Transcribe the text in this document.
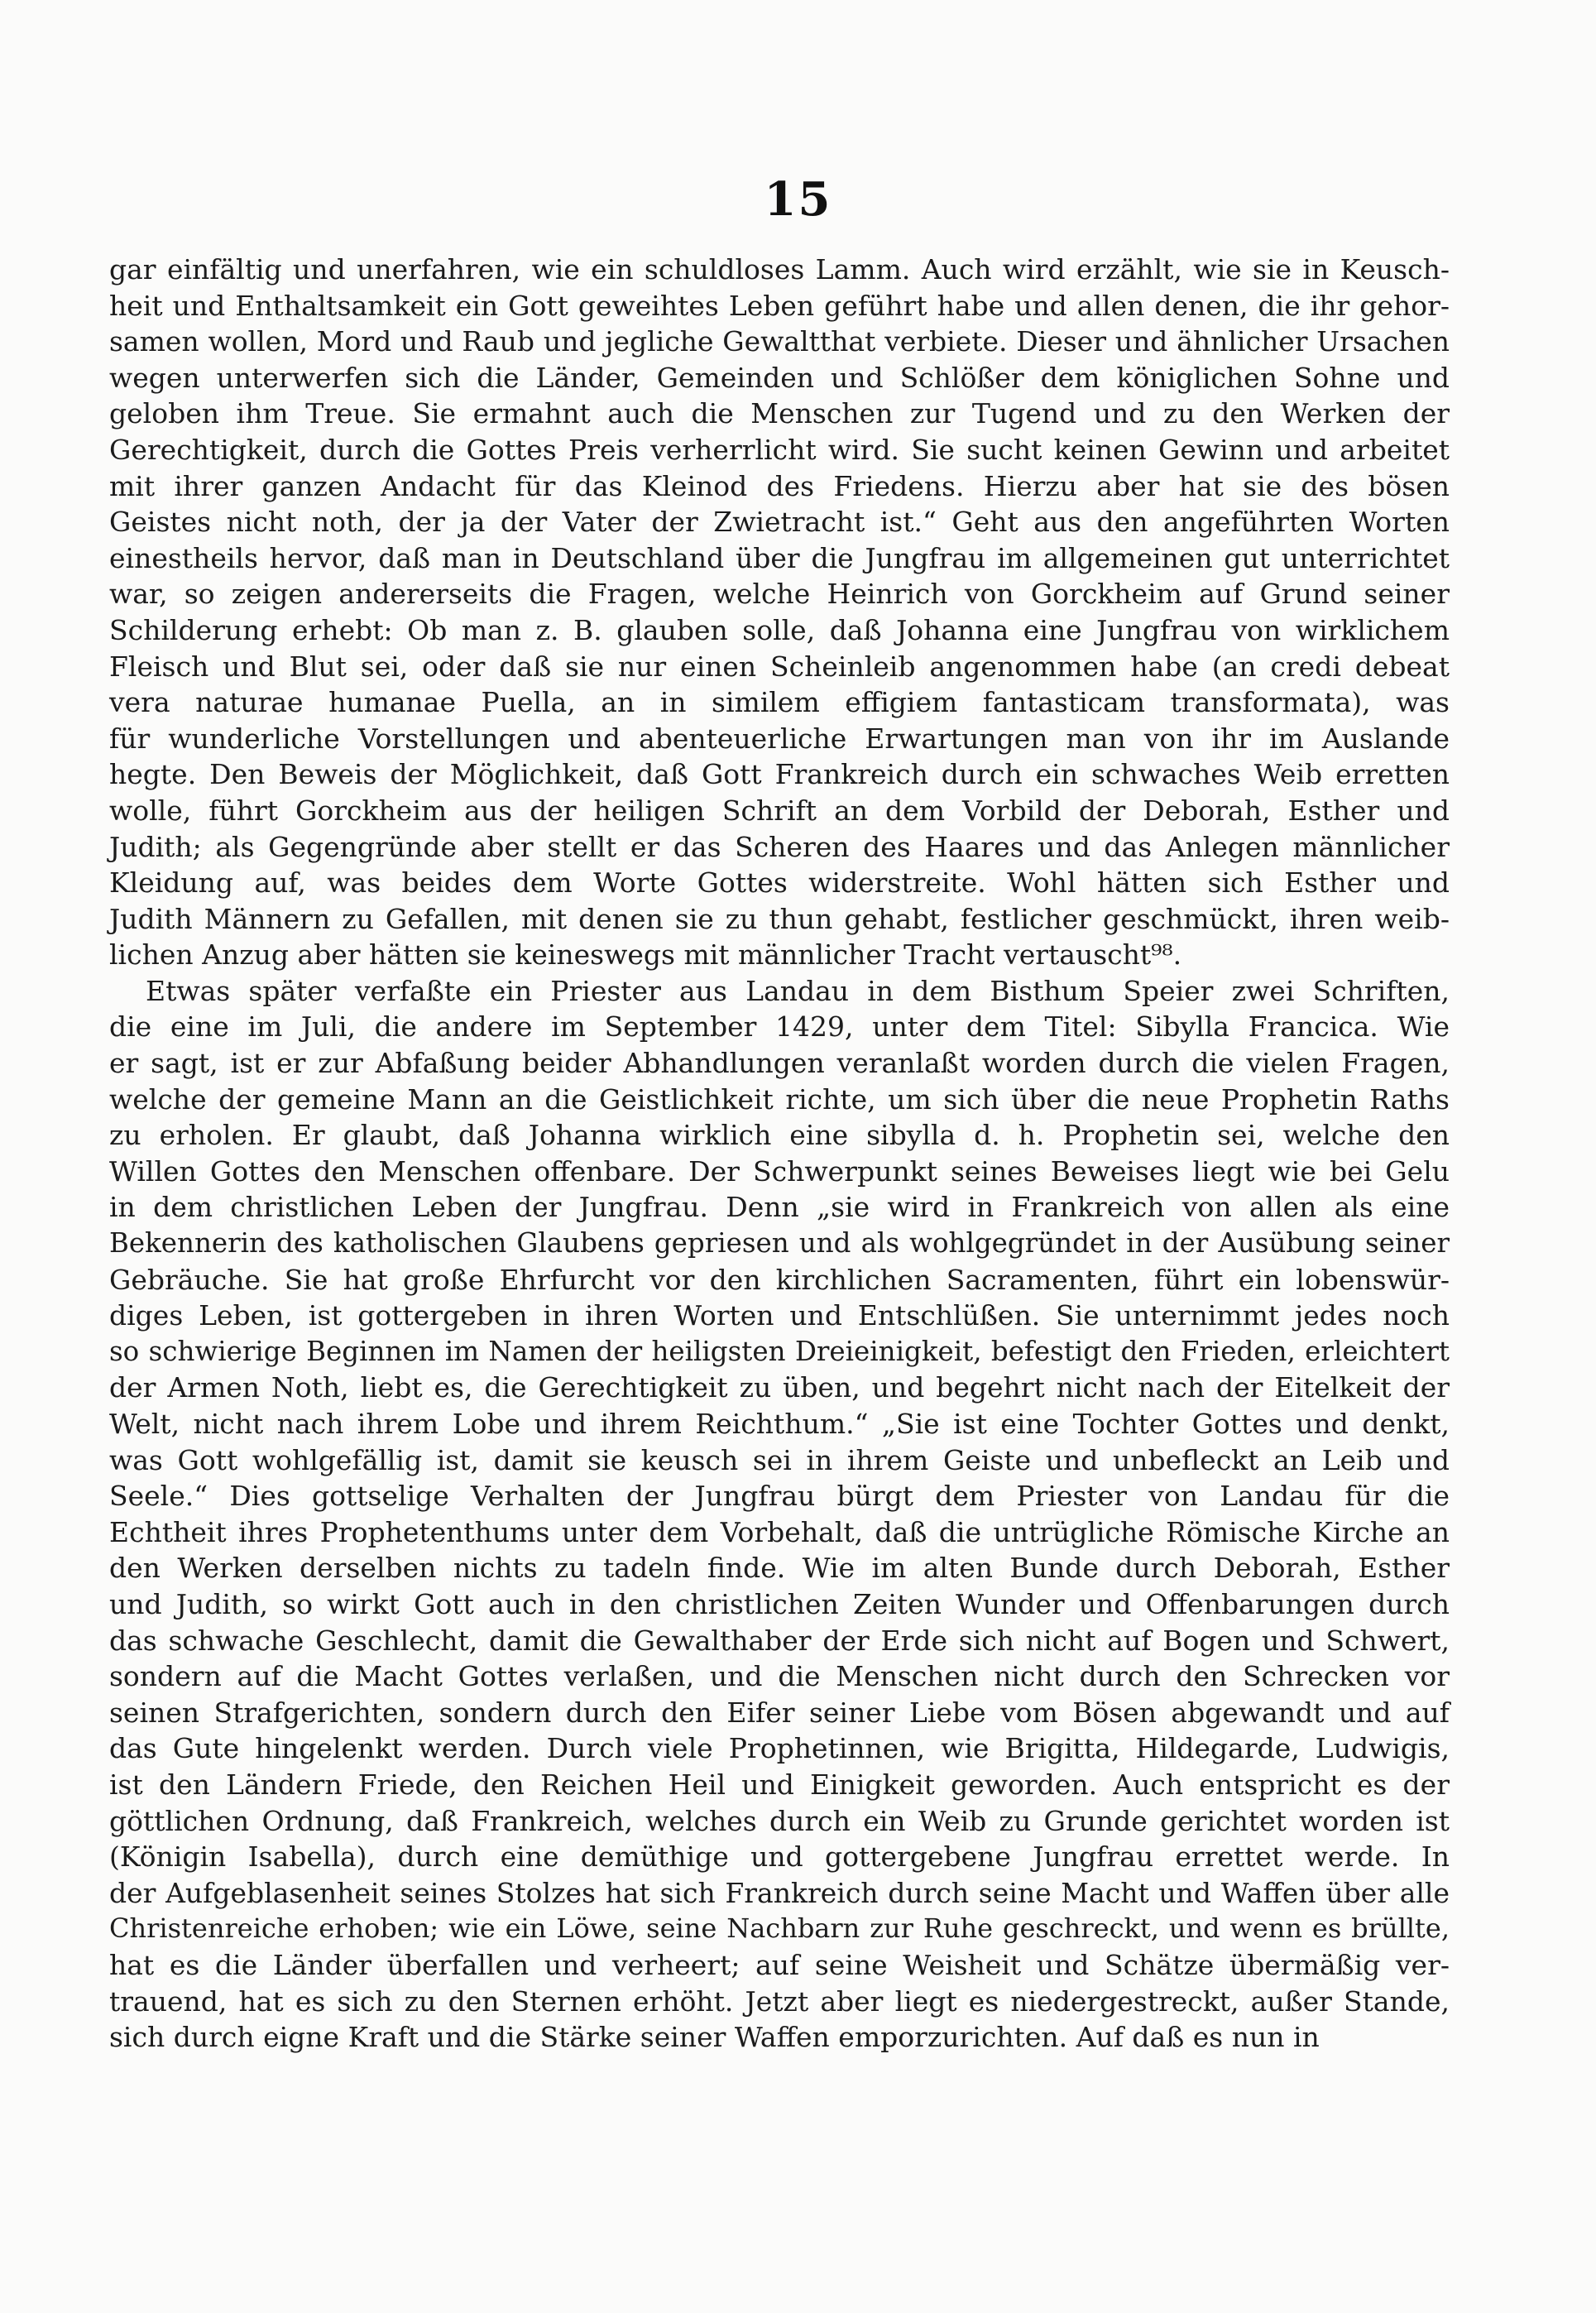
15
gar einfältig und unerfahren, wie ein schuldloses Lamm. Auch wird erzählt, wie sie in Keusch-
heit und Enthaltsamkeit ein Gott geweihtes Leben geführt habe und allen denen, die ihr gehor-
samen wollen, Mord und Raub und jegliche Gewaltthat verbiete. Dieser und ähnlicher Ursachen
wegen unterwerfen sich die Länder, Gemeinden und Schlößer dem königlichen Sohne und
geloben ihm Treue. Sie ermahnt auch die Menschen zur Tugend und zu den Werken der
Gerechtigkeit, durch die Gottes Preis verherrlicht wird. Sie sucht keinen Gewinn und arbeitet
mit ihrer ganzen Andacht für das Kleinod des Friedens. Hierzu aber hat sie des bösen
Geistes nicht noth, der ja der Vater der Zwietracht ist.“ Geht aus den angeführten Worten
einestheils hervor, daß man in Deutschland über die Jungfrau im allgemeinen gut unterrichtet
war, so zeigen andererseits die Fragen, welche Heinrich von Gorckheim auf Grund seiner
Schilderung erhebt: Ob man z. B. glauben solle, daß Johanna eine Jungfrau von wirklichem
Fleisch und Blut sei, oder daß sie nur einen Scheinleib angenommen habe (an credi debeat
vera naturae humanae Puella, an in similem effigiem fantasticam transformata), was
für wunderliche Vorstellungen und abenteuerliche Erwartungen man von ihr im Auslande
hegte. Den Beweis der Möglichkeit, daß Gott Frankreich durch ein schwaches Weib erretten
wolle, führt Gorckheim aus der heiligen Schrift an dem Vorbild der Deborah, Esther und
Judith; als Gegengründe aber stellt er das Scheren des Haares und das Anlegen männlicher
Kleidung auf, was beides dem Worte Gottes widerstreite. Wohl hätten sich Esther und
Judith Männern zu Gefallen, mit denen sie zu thun gehabt, festlicher geschmückt, ihren weib-
lichen Anzug aber hätten sie keineswegs mit männlicher Tracht vertauscht⁹⁸.
Etwas später verfaßte ein Priester aus Landau in dem Bisthum Speier zwei Schriften,
die eine im Juli, die andere im September 1429, unter dem Titel: Sibylla Francica. Wie
er sagt, ist er zur Abfaßung beider Abhandlungen veranlaßt worden durch die vielen Fragen,
welche der gemeine Mann an die Geistlichkeit richte, um sich über die neue Prophetin Raths
zu erholen. Er glaubt, daß Johanna wirklich eine sibylla d. h. Prophetin sei, welche den
Willen Gottes den Menschen offenbare. Der Schwerpunkt seines Beweises liegt wie bei Gelu
in dem christlichen Leben der Jungfrau. Denn „sie wird in Frankreich von allen als eine
Bekennerin des katholischen Glaubens gepriesen und als wohlgegründet in der Ausübung seiner
Gebräuche. Sie hat große Ehrfurcht vor den kirchlichen Sacramenten, führt ein lobenswür-
diges Leben, ist gottergeben in ihren Worten und Entschlüßen. Sie unternimmt jedes noch
so schwierige Beginnen im Namen der heiligsten Dreieinigkeit, befestigt den Frieden, erleichtert
der Armen Noth, liebt es, die Gerechtigkeit zu üben, und begehrt nicht nach der Eitelkeit der
Welt, nicht nach ihrem Lobe und ihrem Reichthum.“ „Sie ist eine Tochter Gottes und denkt,
was Gott wohlgefällig ist, damit sie keusch sei in ihrem Geiste und unbefleckt an Leib und
Seele.“ Dies gottselige Verhalten der Jungfrau bürgt dem Priester von Landau für die
Echtheit ihres Prophetenthums unter dem Vorbehalt, daß die untrügliche Römische Kirche an
den Werken derselben nichts zu tadeln finde. Wie im alten Bunde durch Deborah, Esther
und Judith, so wirkt Gott auch in den christlichen Zeiten Wunder und Offenbarungen durch
das schwache Geschlecht, damit die Gewalthaber der Erde sich nicht auf Bogen und Schwert,
sondern auf die Macht Gottes verlaßen, und die Menschen nicht durch den Schrecken vor
seinen Strafgerichten, sondern durch den Eifer seiner Liebe vom Bösen abgewandt und auf
das Gute hingelenkt werden. Durch viele Prophetinnen, wie Brigitta, Hildegarde, Ludwigis,
ist den Ländern Friede, den Reichen Heil und Einigkeit geworden. Auch entspricht es der
göttlichen Ordnung, daß Frankreich, welches durch ein Weib zu Grunde gerichtet worden ist
(Königin Isabella), durch eine demüthige und gottergebene Jungfrau errettet werde. In
der Aufgeblasenheit seines Stolzes hat sich Frankreich durch seine Macht und Waffen über alle
Christenreiche erhoben; wie ein Löwe, seine Nachbarn zur Ruhe geschreckt, und wenn es brüllte,
hat es die Länder überfallen und verheert; auf seine Weisheit und Schätze übermäßig ver-
trauend, hat es sich zu den Sternen erhöht. Jetzt aber liegt es niedergestreckt, außer Stande,
sich durch eigne Kraft und die Stärke seiner Waffen emporzurichten. Auf daß es nun in
